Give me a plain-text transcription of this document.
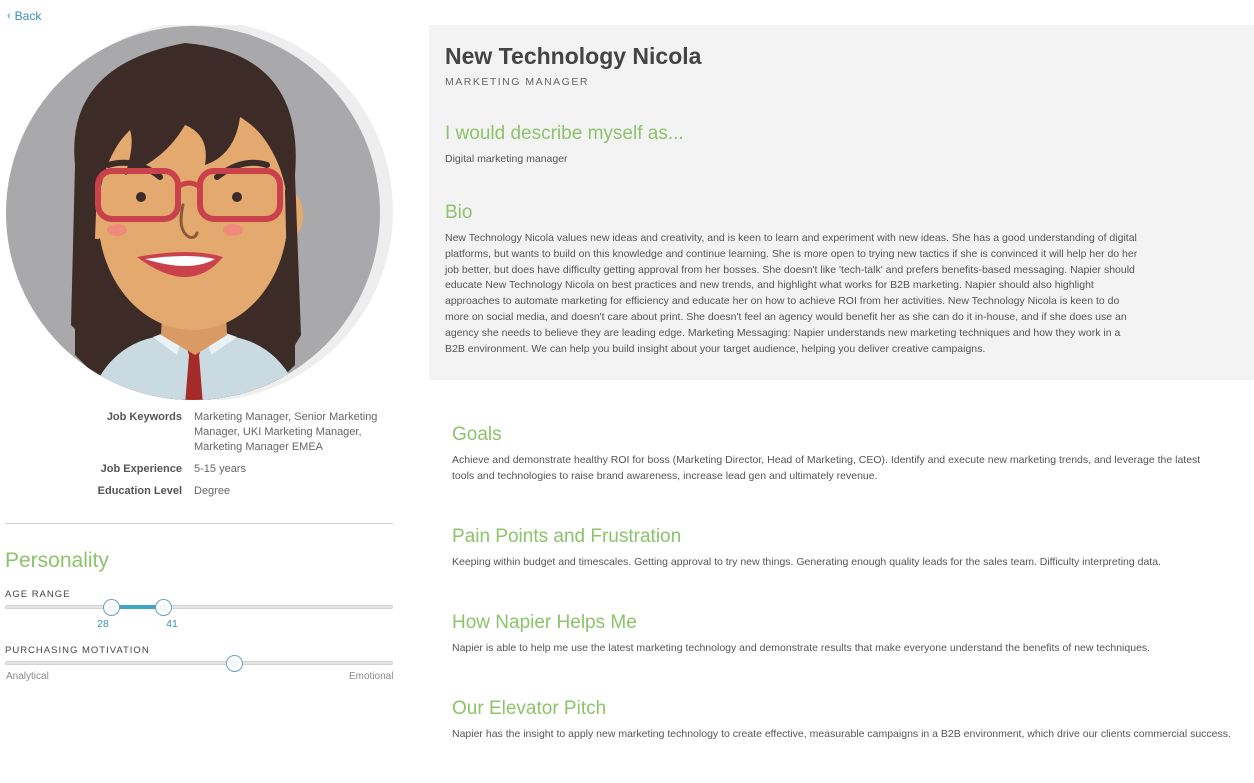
‹ Back
Job Keywords	Marketing Manager, Senior Marketing Manager, UKI Marketing Manager, Marketing Manager EMEA
Job Experience	5-15 years
Education Level	Degree
Personality
AGE RANGE
28	41
PURCHASING MOTIVATION
Analytical	Emotional
New Technology Nicola
MARKETING MANAGER
I would describe myself as...

Digital marketing manager

Bio

New Technology Nicola values new ideas and creativity, and is keen to learn and experiment with new ideas. She has a good understanding of digital platforms, but wants to build on this knowledge and continue learning. She is more open to trying new tactics if she is convinced it will help her do her job better, but does have difficulty getting approval from her bosses. She doesn't like 'tech-talk' and prefers benefits-based messaging. Napier should educate New Technology Nicola on best practices and new trends, and highlight what works for B2B marketing. Napier should also highlight approaches to automate marketing for efficiency and educate her on how to achieve ROI from her activities. New Technology Nicola is keen to do more on social media, and doesn't care about print. She doesn't feel an agency would benefit her as she can do it in-house, and if she does use an agency she needs to believe they are leading edge. Marketing Messaging: Napier understands new marketing techniques and how they work in a B2B environment. We can help you build insight about your target audience, helping you deliver creative campaigns.

Goals

Achieve and demonstrate healthy ROI for boss (Marketing Director, Head of Marketing, CEO). Identify and execute new marketing trends, and leverage the latest tools and technologies to raise brand awareness, increase lead gen and ultimately revenue.

Pain Points and Frustration

Keeping within budget and timescales. Getting approval to try new things. Generating enough quality leads for the sales team. Difficulty interpreting data.

How Napier Helps Me

Napier is able to help me use the latest marketing technology and demonstrate results that make everyone understand the benefits of new techniques.

Our Elevator Pitch

Napier has the insight to apply new marketing technology to create effective, measurable campaigns in a B2B environment, which drive our clients commercial success.
